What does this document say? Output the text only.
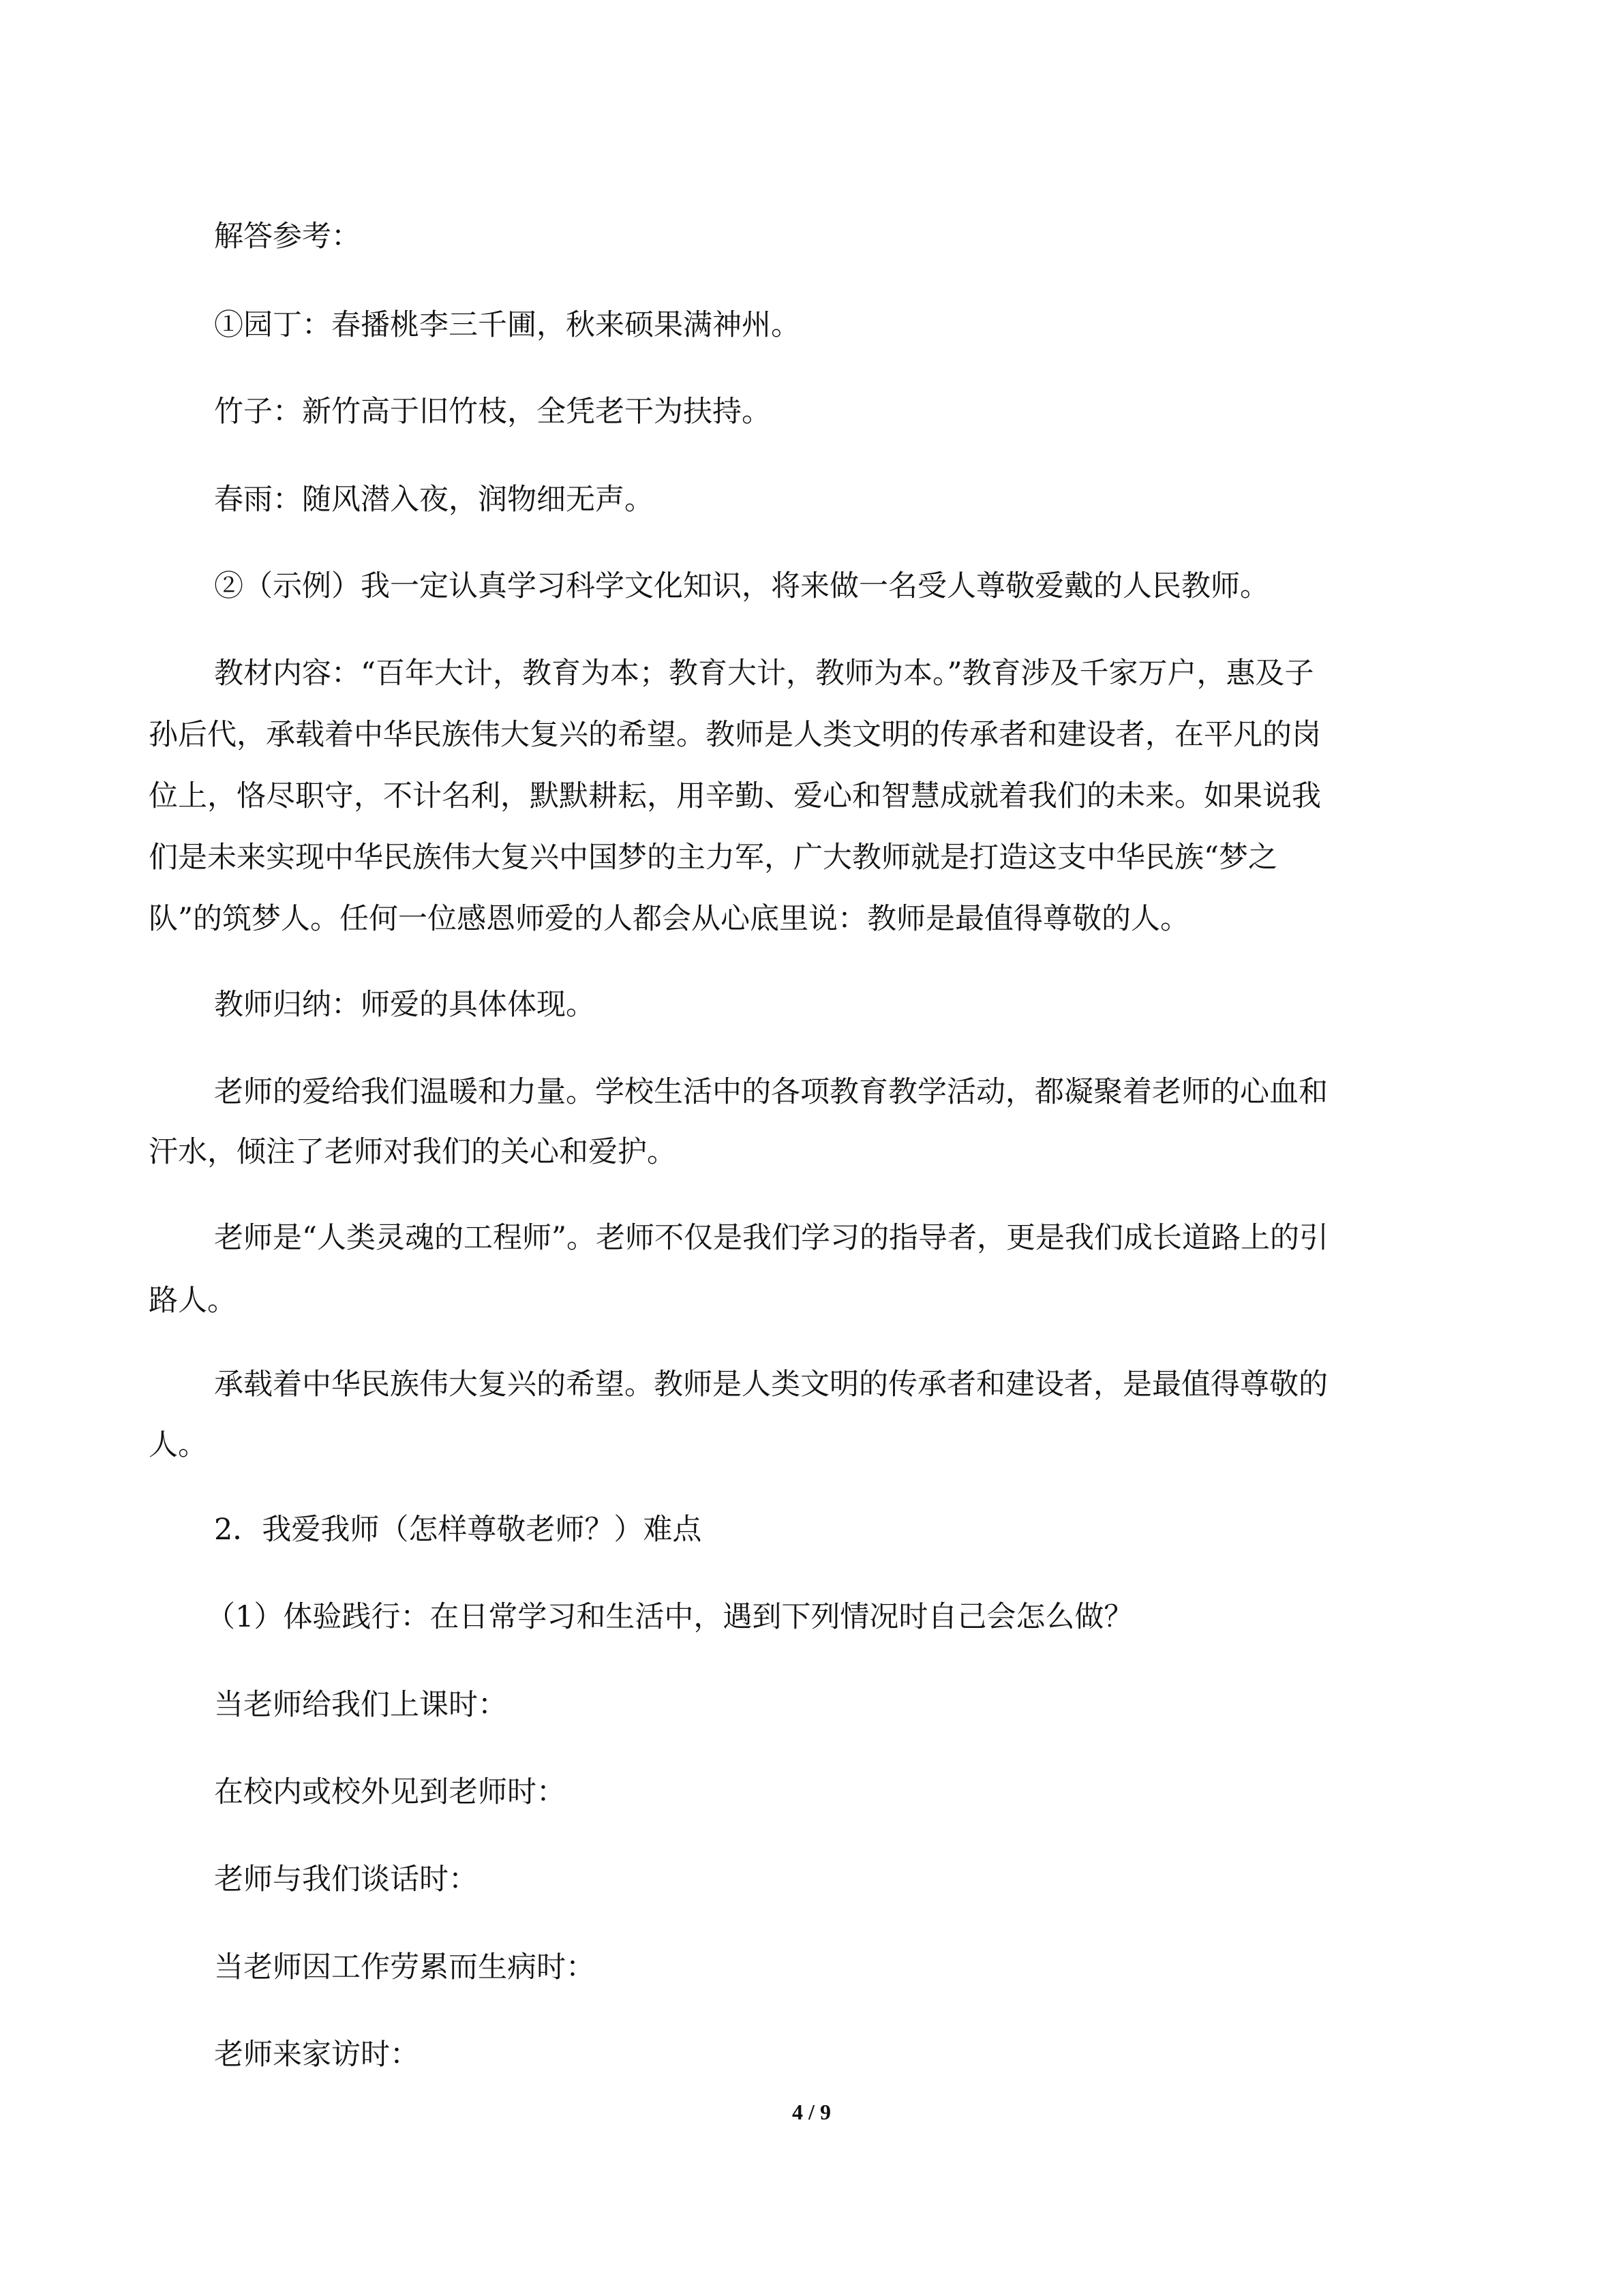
解答参考：
①园丁：春播桃李三千圃，秋来硕果满神州。
竹子：新竹高于旧竹枝，全凭老干为扶持。
春雨：随风潜入夜，润物细无声。
②（示例）我一定认真学习科学文化知识，将来做一名受人尊敬爱戴的人民教师。
教材内容：“百年大计，教育为本；教育大计，教师为本。”教育涉及千家万户，惠及子
孙后代，承载着中华民族伟大复兴的希望。教师是人类文明的传承者和建设者，在平凡的岗
位上，恪尽职守，不计名利，默默耕耘，用辛勤、爱心和智慧成就着我们的未来。如果说我
们是未来实现中华民族伟大复兴中国梦的主力军，广大教师就是打造这支中华民族“梦之
队”的筑梦人。任何一位感恩师爱的人都会从心底里说：教师是最值得尊敬的人。
教师归纳：师爱的具体体现。
老师的爱给我们温暖和力量。学校生活中的各项教育教学活动，都凝聚着老师的心血和
汗水，倾注了老师对我们的关心和爱护。
老师是“人类灵魂的工程师”。老师不仅是我们学习的指导者，更是我们成长道路上的引
路人。
承载着中华民族伟大复兴的希望。教师是人类文明的传承者和建设者，是最值得尊敬的
人。
2．我爱我师（怎样尊敬老师？）难点
（1）体验践行：在日常学习和生活中，遇到下列情况时自己会怎么做？
当老师给我们上课时：
在校内或校外见到老师时：
老师与我们谈话时：
当老师因工作劳累而生病时：
老师来家访时：
4 / 9
